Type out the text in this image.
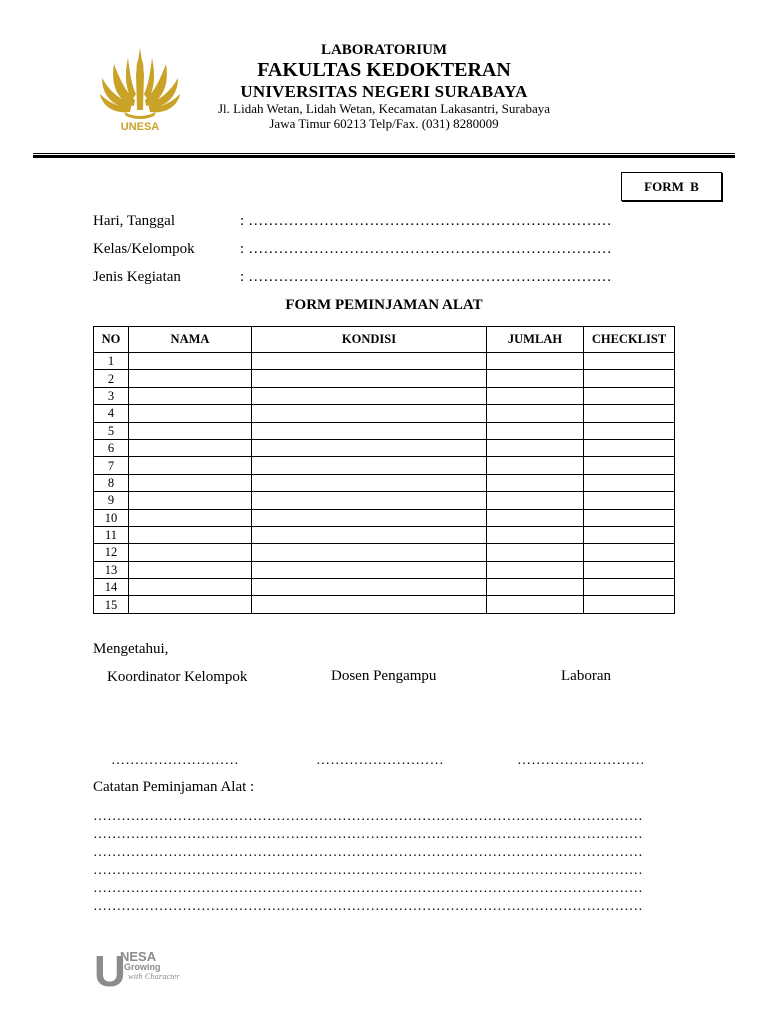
UNESA
LABORATORIUM
FAKULTAS KEDOKTERAN
UNIVERSITAS NEGERI SURABAYA
Jl. Lidah Wetan, Lidah Wetan, Kecamatan Lakasantri, Surabaya
Jawa Timur 60213 Telp/Fax. (031) 8280009
FORM B
Hari, Tanggal	: ………………………………………………………………
Kelas/Kelompok	: ………………………………………………………………
Jenis Kegiatan	: ………………………………………………………………
FORM PEMINJAMAN ALAT
NO	NAMA	KONDISI	JUMLAH	CHECKLIST
1				
2				
3				
4				
5				
6				
7				
8				
9				
10				
11				
12				
13				
14				
15				
Mengetahui,
Koordinator Kelompok	Dosen Pengampu	Laboran
………………………	………………………	………………………
Catatan Peminjaman Alat :
………………………………………………………………………………………………………
………………………………………………………………………………………………………
………………………………………………………………………………………………………
………………………………………………………………………………………………………
………………………………………………………………………………………………………
………………………………………………………………………………………………………
U
NESA
Growing
with Character
